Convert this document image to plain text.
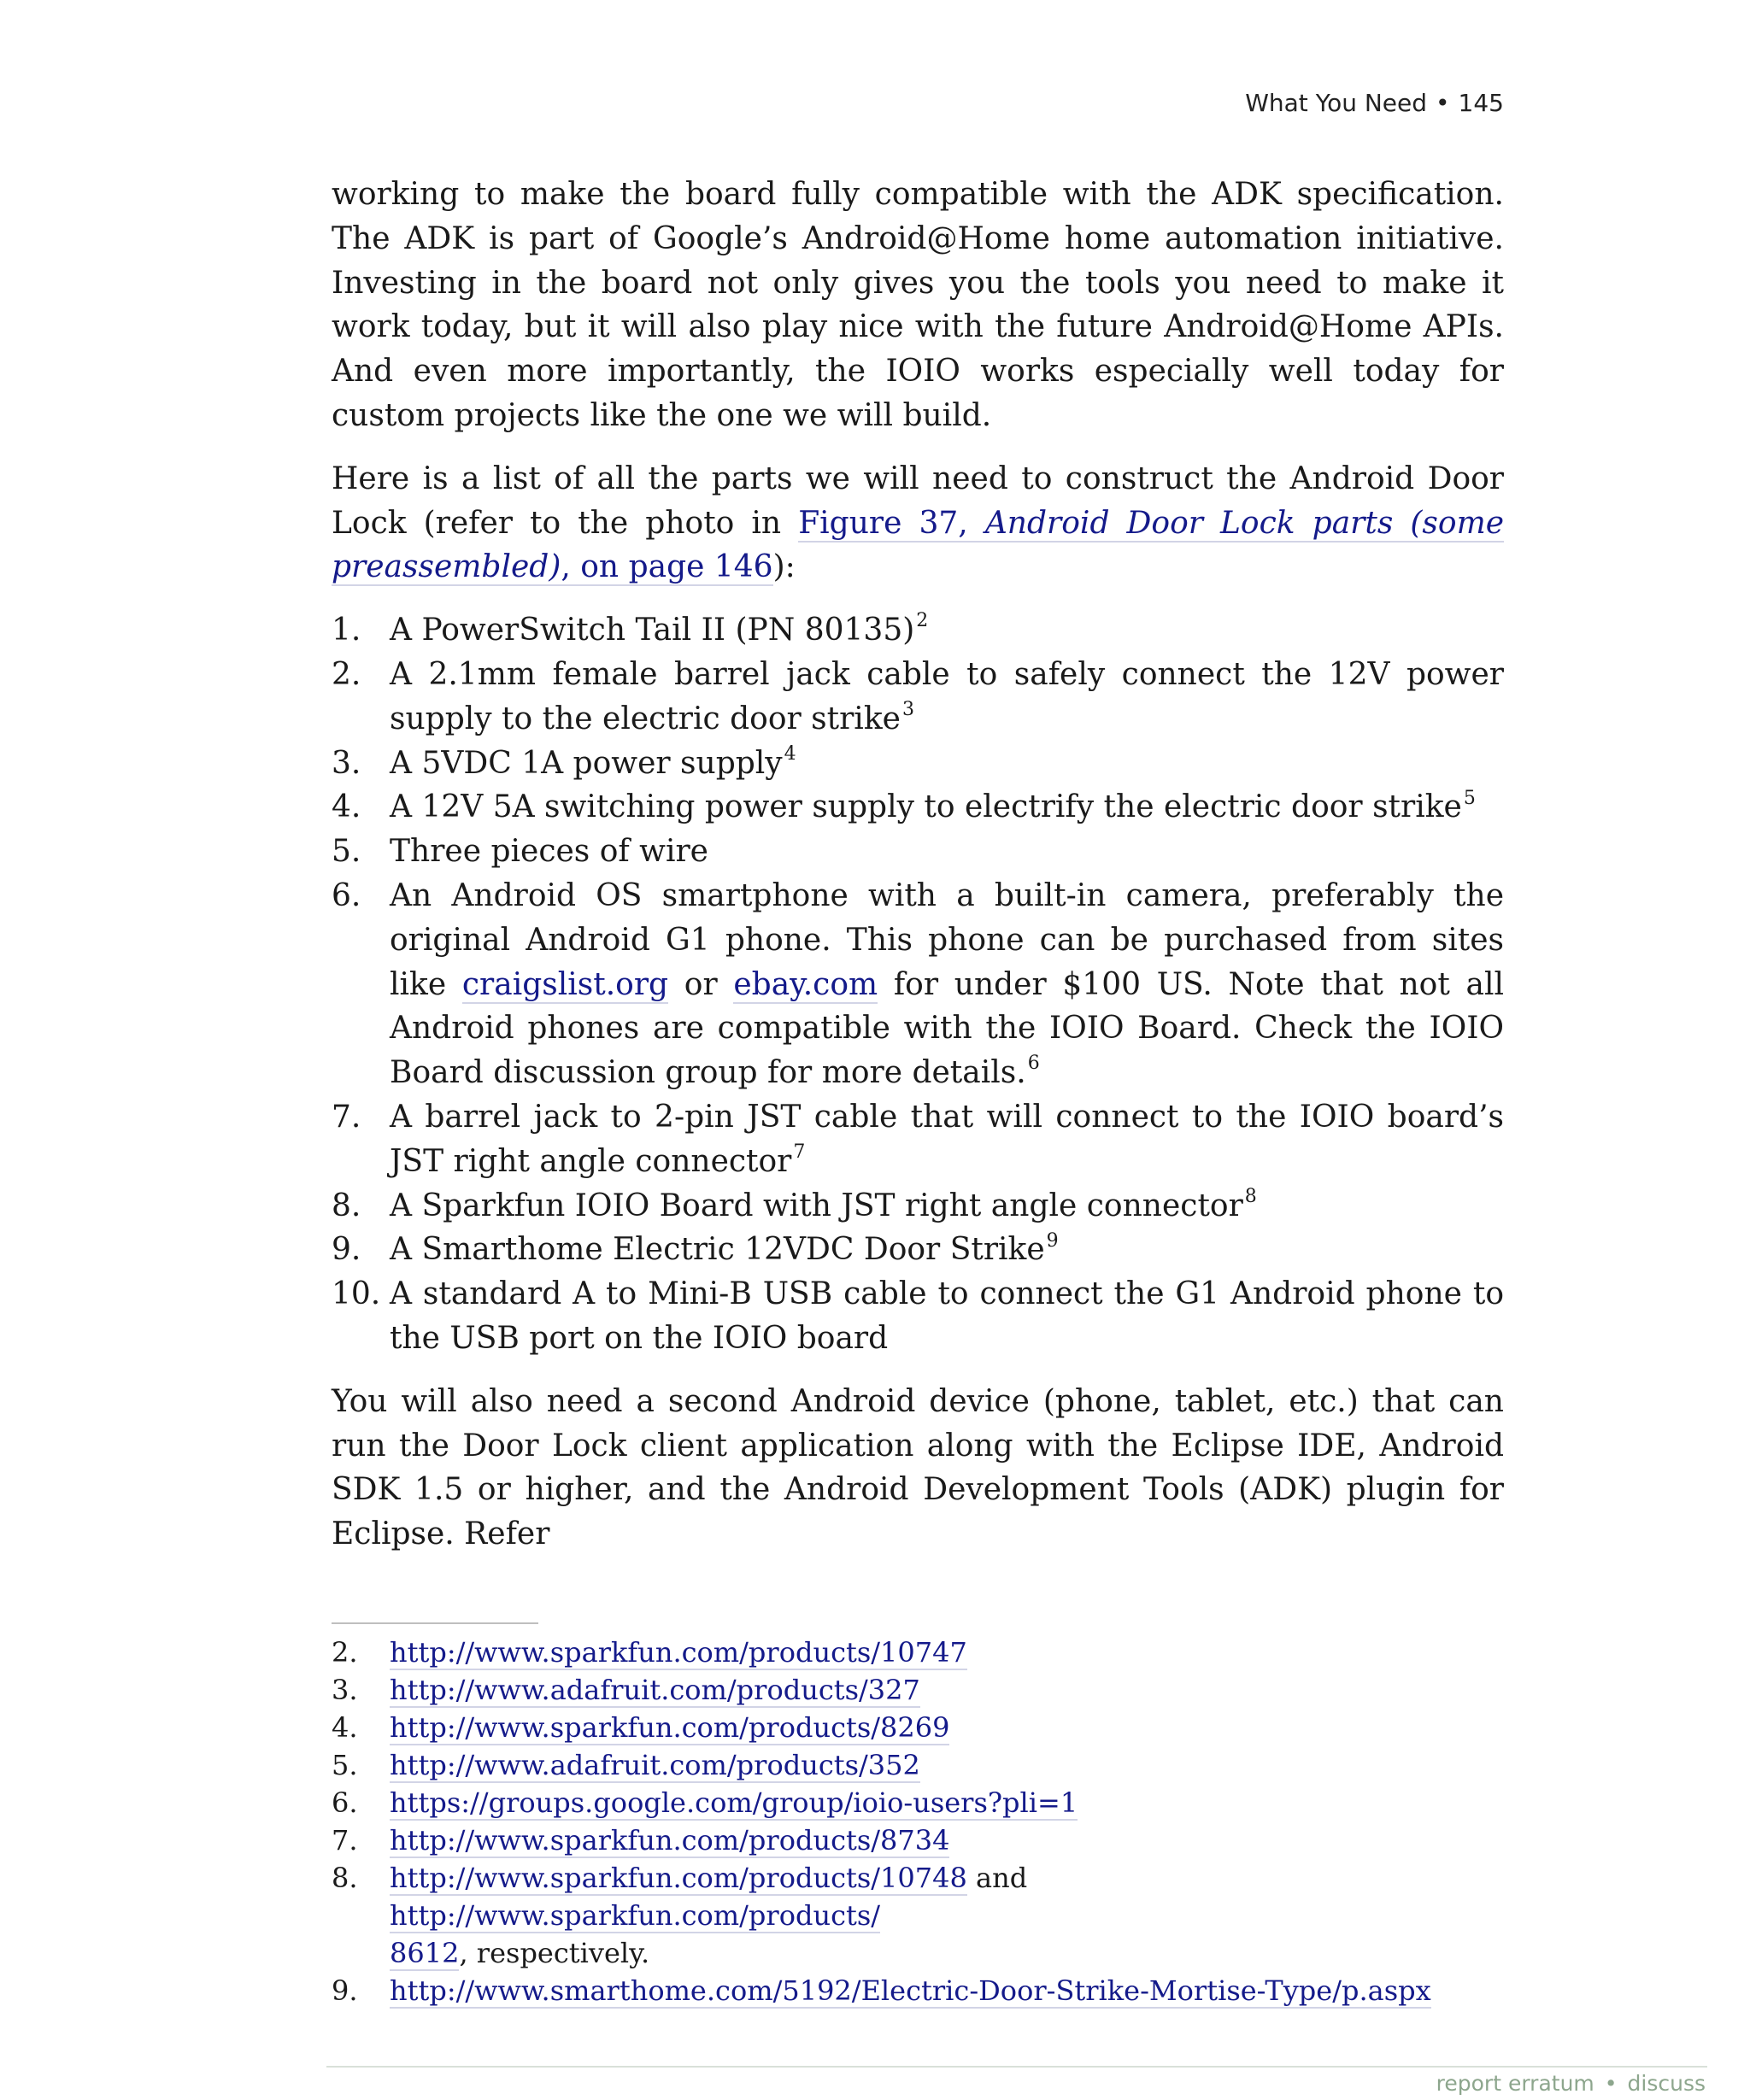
What You Need • 145

working to make the board fully compatible with the ADK specification. The ADK is part of Google’s Android@Home home automation initiative. Investing in the board not only gives you the tools you need to make it work today, but it will also play nice with the future Android@Home APIs. And even more importantly, the IOIO works especially well today for custom projects like the one we will build.

Here is a list of all the parts we will need to construct the Android Door Lock (refer to the photo in Figure 37, Android Door Lock parts (some preassembled), on page 146):

1. A PowerSwitch Tail II (PN 80135)$^2$
2. A 2.1mm female barrel jack cable to safely connect the 12V power supply to the electric door strike$^3$
3. A 5VDC 1A power supply$^4$
4. A 12V 5A switching power supply to electrify the electric door strike$^5$
5. Three pieces of wire
6. An Android OS smartphone with a built-in camera, preferably the original Android G1 phone. This phone can be purchased from sites like craigslist.org or ebay.com for under $100 US. Note that not all Android phones are compatible with the IOIO Board. Check the IOIO Board discussion group for more details.$^6$
7. A barrel jack to 2-pin JST cable that will connect to the IOIO board’s JST right angle connector$^7$
8. A Sparkfun IOIO Board with JST right angle connector$^8$
9. A Smarthome Electric 12VDC Door Strike$^9$
10. A standard A to Mini-B USB cable to connect the G1 Android phone to the USB port on the IOIO board

You will also need a second Android device (phone, tablet, etc.) that can run the Door Lock client application along with the Eclipse IDE, Android SDK 1.5 or higher, and the Android Development Tools (ADK) plugin for Eclipse. Refer

2. http://www.sparkfun.com/products/10747
3. http://www.adafruit.com/products/327
4. http://www.sparkfun.com/products/8269
5. http://www.adafruit.com/products/352
6. https://groups.google.com/group/ioio-users?pli=1
7. http://www.sparkfun.com/products/8734
8. http://www.sparkfun.com/products/10748 and http://www.sparkfun.com/products/
8612, respectively.
9. http://www.smarthome.com/5192/Electric-Door-Strike-Mortise-Type/p.aspx
report erratum • discuss
